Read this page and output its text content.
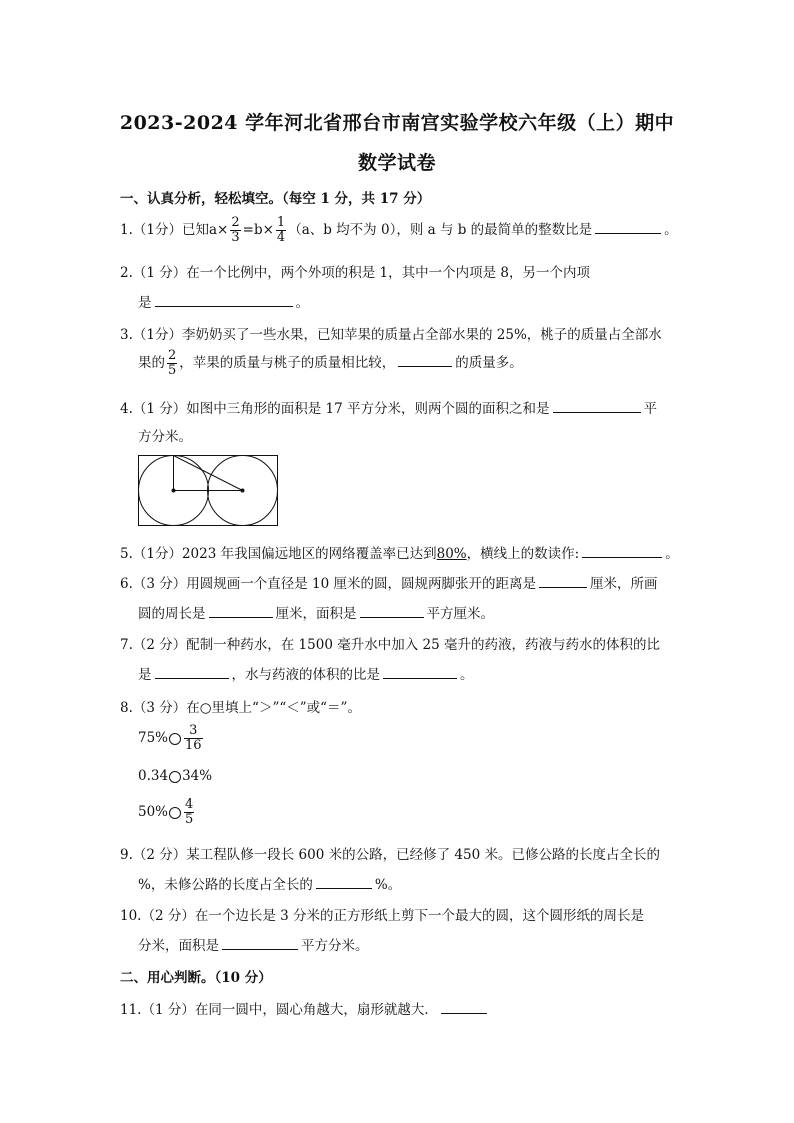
2023-2024 学年河北省邢台市南宫实验学校六年级（上）期中
数学试卷
一、认真分析，轻松填空。（每空 1 分，共 17 分）
1.（1分）已知$a\times \frac{2}{3} =b\times \frac{1}{4} (a$、b 均不为 0），则 a 与 b 的最简单的整数比是	。
2.（1 分）在一个比例中，两个外项的积是 1，其中一个内项是 8，另一个内项
是	。
3.（1分）李奶奶买了一些水果，已知苹果的质量占全部水果的 25%，桃子的质量占全部水
果的 $\frac{2}{5}$ ，苹果的质量与桃子的质量相比较，	的质量多。
4.（1 分）如图中三角形的面积是 17 平方分米，则两个圆的面积之和是	平
方分米。
5.（1分）2023 年我国偏远地区的网络覆盖率已达到80%，横线上的数读作:	。
6.（3 分）用圆规画一个直径是 10 厘米的圆，圆规两脚张开的距离是	厘米，所画
圆的周长是	厘米，面积是	平方厘米。
7.（2 分）配制一种药水，在 1500 毫升水中加入 25 毫升的药液，药液与药水的体积的比
是	，水与药液的体积的比是	。
8.（3 分）在○里填上“＞”“＜”或“＝”。
$75\% \frac{3}{16}$
0.34 34%
$50\% \frac{4}{5}$
9.（2 分）某工程队修一段长 600 米的公路，已经修了 450 米。已修公路的长度占全长的
%，未修公路的长度占全长的	%。
10.（2 分）在一个边长是 3 分米的正方形纸上剪下一个最大的圆，这个圆形纸的周长是
分米，面积是	平方分米。
二、用心判断。（10 分）
11.（1 分）在同一圆中，圆心角越大，扇形就越大．
